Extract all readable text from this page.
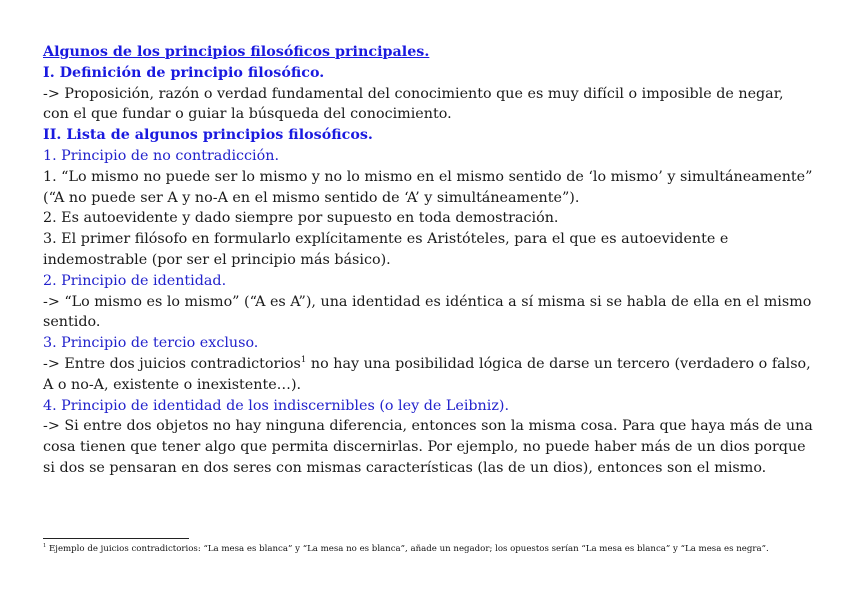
Algunos de los principios filosóficos principales.

I. Definición de principio filosófico.

-> Proposición, razón o verdad fundamental del conocimiento que es muy difícil o imposible de negar, con el que fundar o guiar la búsqueda del conocimiento.

II. Lista de algunos principios filosóficos.

1. Principio de no contradicción.

1. “Lo mismo no puede ser lo mismo y no lo mismo en el mismo sentido de ‘lo mismo’ y simultáneamente” (“A no puede ser A y no-A en el mismo sentido de ‘A’ y simultáneamente”).

2. Es autoevidente y dado siempre por supuesto en toda demostración.

3. El primer filósofo en formularlo explícitamente es Aristóteles, para el que es autoevidente e indemostrable (por ser el principio más básico).

2. Principio de identidad.

-> “Lo mismo es lo mismo” (“A es A”), una identidad es idéntica a sí misma si se habla de ella en el mismo sentido.

3. Principio de tercio excluso.

-> Entre dos juicios contradictorios$^1$ no hay una posibilidad lógica de darse un tercero (verdadero o falso, A o no-A, existente o inexistente…).

4. Principio de identidad de los indiscernibles (o ley de Leibniz).

-> Si entre dos objetos no hay ninguna diferencia, entonces son la misma cosa. Para que haya más de una cosa tienen que tener algo que permita discernirlas. Por ejemplo, no puede haber más de un dios porque si dos se pensaran en dos seres con mismas características (las de un dios), entonces son el mismo.

$^1$ Ejemplo de juicios contradictorios: “La mesa es blanca” y “La mesa no es blanca”, añade un negador; los opuestos serían “La mesa es blanca” y “La mesa es negra”.
